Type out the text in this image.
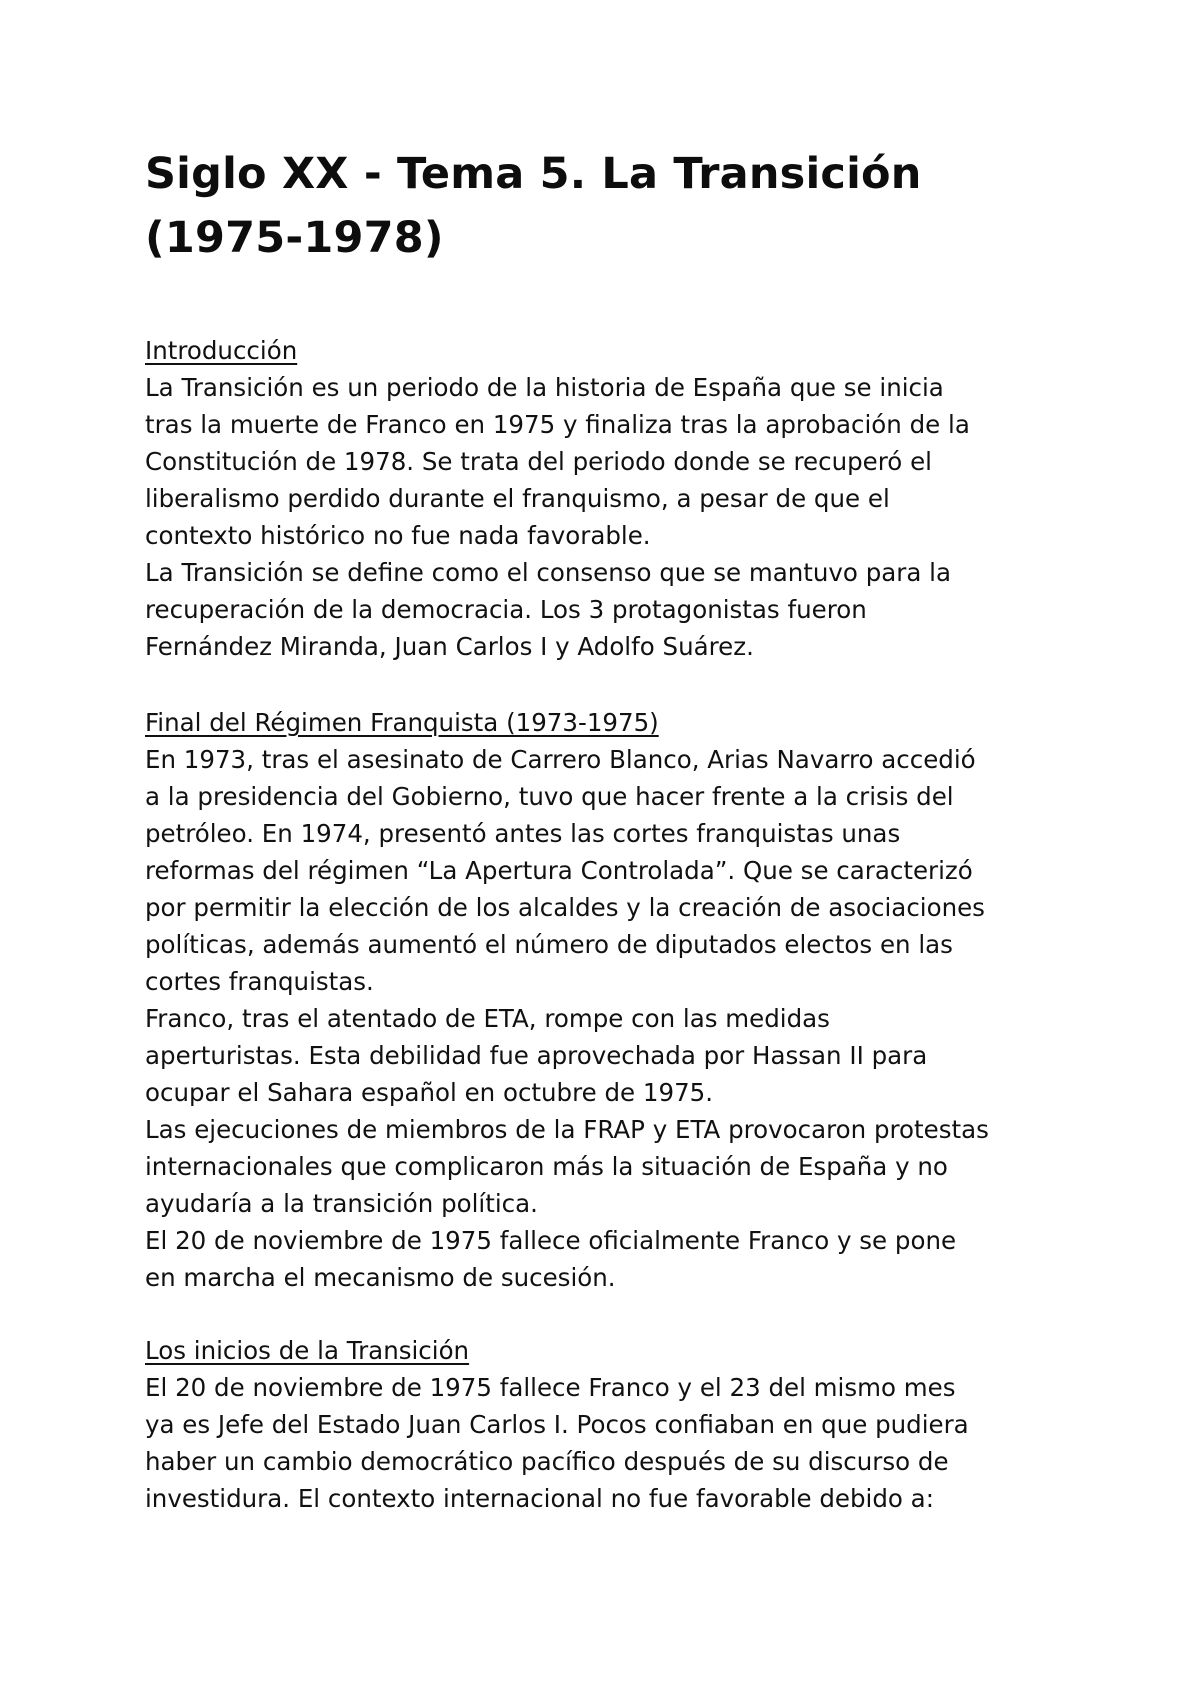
Siglo XX - Tema 5. La Transición
(1975-1978)
Introducción

La Transición es un periodo de la historia de España que se inicia
tras la muerte de Franco en 1975 y finaliza tras la aprobación de la
Constitución de 1978. Se trata del periodo donde se recuperó el
liberalismo perdido durante el franquismo, a pesar de que el
contexto histórico no fue nada favorable.

La Transición se define como el consenso que se mantuvo para la
recuperación de la democracia. Los 3 protagonistas fueron
Fernández Miranda, Juan Carlos I y Adolfo Suárez.

Final del Régimen Franquista (1973-1975)

En 1973, tras el asesinato de Carrero Blanco, Arias Navarro accedió
a la presidencia del Gobierno, tuvo que hacer frente a la crisis del
petróleo. En 1974, presentó antes las cortes franquistas unas
reformas del régimen “La Apertura Controlada”. Que se caracterizó
por permitir la elección de los alcaldes y la creación de asociaciones
políticas, además aumentó el número de diputados electos en las
cortes franquistas.

Franco, tras el atentado de ETA, rompe con las medidas
aperturistas. Esta debilidad fue aprovechada por Hassan II para
ocupar el Sahara español en octubre de 1975.

Las ejecuciones de miembros de la FRAP y ETA provocaron protestas
internacionales que complicaron más la situación de España y no
ayudaría a la transición política.

El 20 de noviembre de 1975 fallece oficialmente Franco y se pone
en marcha el mecanismo de sucesión.

Los inicios de la Transición

El 20 de noviembre de 1975 fallece Franco y el 23 del mismo mes
ya es Jefe del Estado Juan Carlos I. Pocos confiaban en que pudiera
haber un cambio democrático pacífico después de su discurso de
investidura. El contexto internacional no fue favorable debido a:
